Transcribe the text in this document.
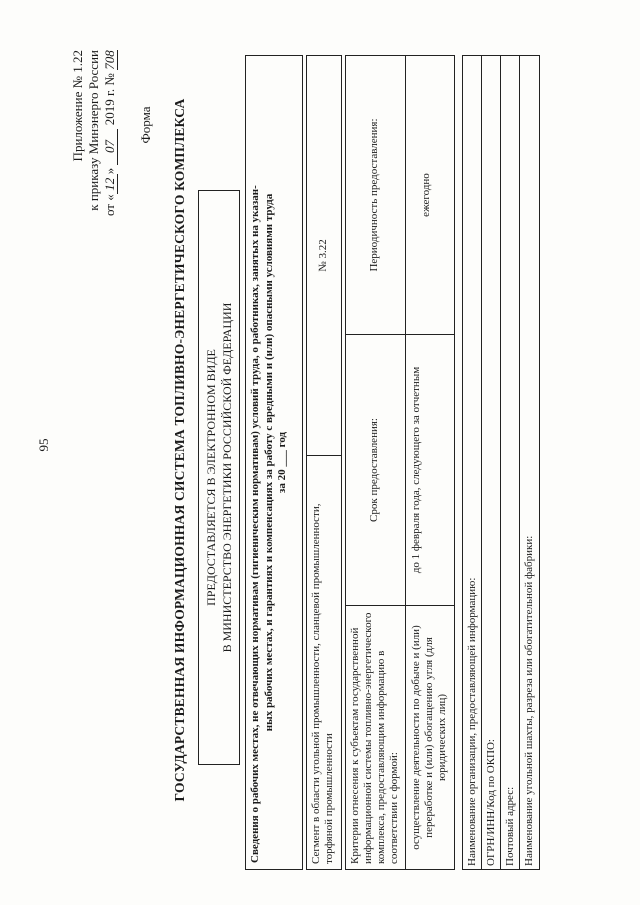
95
Приложение № 1.22 к приказу Минэнерго России от «12» 07 2019 г. № 708
Форма ГОСУДАРСТВЕННАЯ ИНФОРМАЦИОННАЯ СИСТЕМА ТОПЛИВНО-ЭНЕРГЕТИЧЕСКОГО КОМПЛЕКСА ПРЕДОСТАВЛЯЕТСЯ В ЭЛЕКТРОННОМ ВИДЕ В МИНИСТЕРСТВО ЭНЕРГЕТИКИ РОССИЙСКОЙ ФЕДЕРАЦИИ Сведения о рабочих местах, не отвечающих нормативам (гигиеническим нормативам) условий труда, о работниках, занятых на указан- ных рабочих местах, и гарантиях и компенсациях за работу с вредными и (или) опасными условиями труда за 20 ___ год
Сегмент в области угольной промышленности, сланцевой промышленности, торфяной промышленности
№ 3.22
Критерии отнесения к субъектам государственной информационной системы топливно-энергетического комплекса, предоставляющим информацию в соответствии с формой: осуществление деятельности по добыче и (или) переработке и (или) обогащению угля (для юридических лиц)
Срок предоставления:	до 1 февраля года, следующего за отчетным
Периодичность предоставления:	ежегодно
Наименование организации, предоставляющей информацию: ОГРН/ИНН/Код по ОКПО: Почтовый адрес: Наименование угольной шахты, разреза или обогатительной фабрики:
